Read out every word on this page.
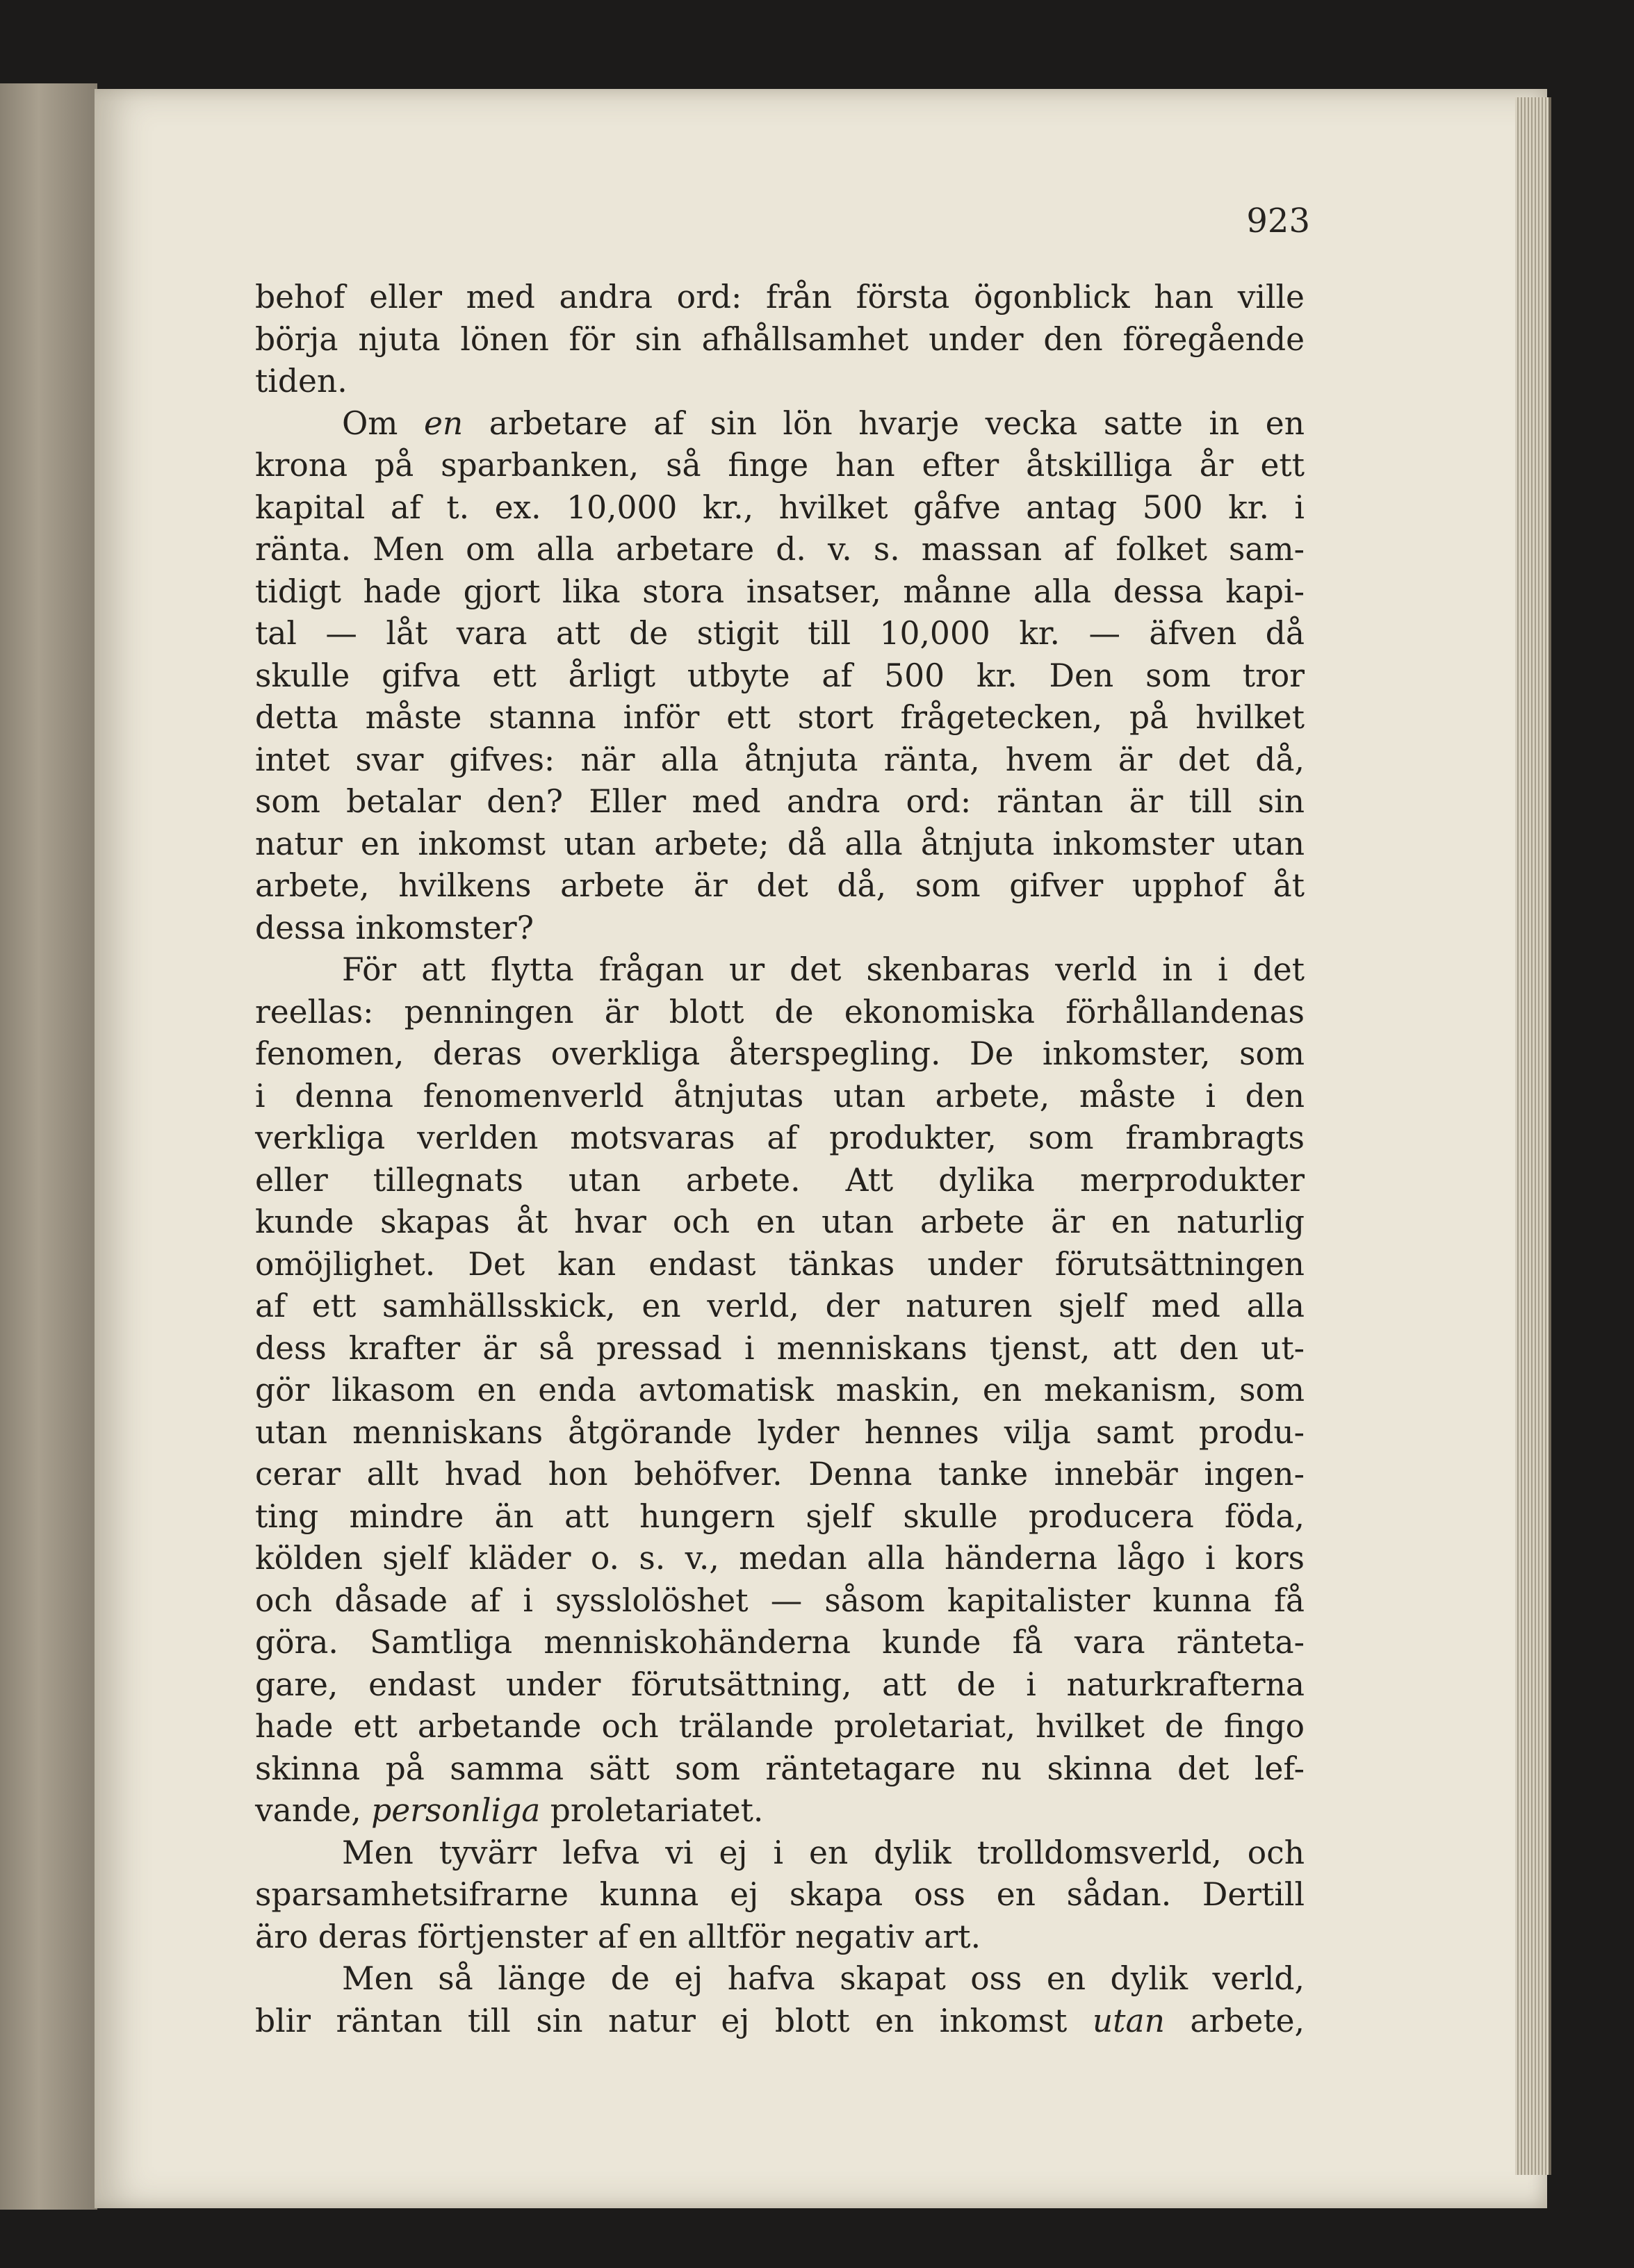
923
behof eller med andra ord: från första ögonblick han ville
börja njuta lönen för sin afhållsamhet under den föregående
tiden.
Om en arbetare af sin lön hvarje vecka satte in en
krona på sparbanken, så finge han efter åtskilliga år ett
kapital af t. ex. 10,000 kr., hvilket gåfve antag 500 kr. i
ränta. Men om alla arbetare d. v. s. massan af folket sam-
tidigt hade gjort lika stora insatser, månne alla dessa kapi-
tal — låt vara att de stigit till 10,000 kr. — äfven då
skulle gifva ett årligt utbyte af 500 kr. Den som tror
detta måste stanna inför ett stort frågetecken, på hvilket
intet svar gifves: när alla åtnjuta ränta, hvem är det då,
som betalar den? Eller med andra ord: räntan är till sin
natur en inkomst utan arbete; då alla åtnjuta inkomster utan
arbete, hvilkens arbete är det då, som gifver upphof åt
dessa inkomster?
För att flytta frågan ur det skenbaras verld in i det
reellas: penningen är blott de ekonomiska förhållandenas
fenomen, deras overkliga återspegling. De inkomster, som
i denna fenomenverld åtnjutas utan arbete, måste i den
verkliga verlden motsvaras af produkter, som frambragts
eller tillegnats utan arbete. Att dylika merprodukter
kunde skapas åt hvar och en utan arbete är en naturlig
omöjlighet. Det kan endast tänkas under förutsättningen
af ett samhällsskick, en verld, der naturen sjelf med alla
dess krafter är så pressad i menniskans tjenst, att den ut-
gör likasom en enda avtomatisk maskin, en mekanism, som
utan menniskans åtgörande lyder hennes vilja samt produ-
cerar allt hvad hon behöfver. Denna tanke innebär ingen-
ting mindre än att hungern sjelf skulle producera föda,
kölden sjelf kläder o. s. v., medan alla händerna lågo i kors
och dåsade af i sysslolöshet — såsom kapitalister kunna få
göra. Samtliga menniskohänderna kunde få vara ränteta-
gare, endast under förutsättning, att de i naturkrafterna
hade ett arbetande och trälande proletariat, hvilket de fingo
skinna på samma sätt som räntetagare nu skinna det lef-
vande, personliga proletariatet.
Men tyvärr lefva vi ej i en dylik trolldomsverld, och
sparsamhetsifrarne kunna ej skapa oss en sådan. Dertill
äro deras förtjenster af en alltför negativ art.
Men så länge de ej hafva skapat oss en dylik verld,
blir räntan till sin natur ej blott en inkomst utan arbete,
